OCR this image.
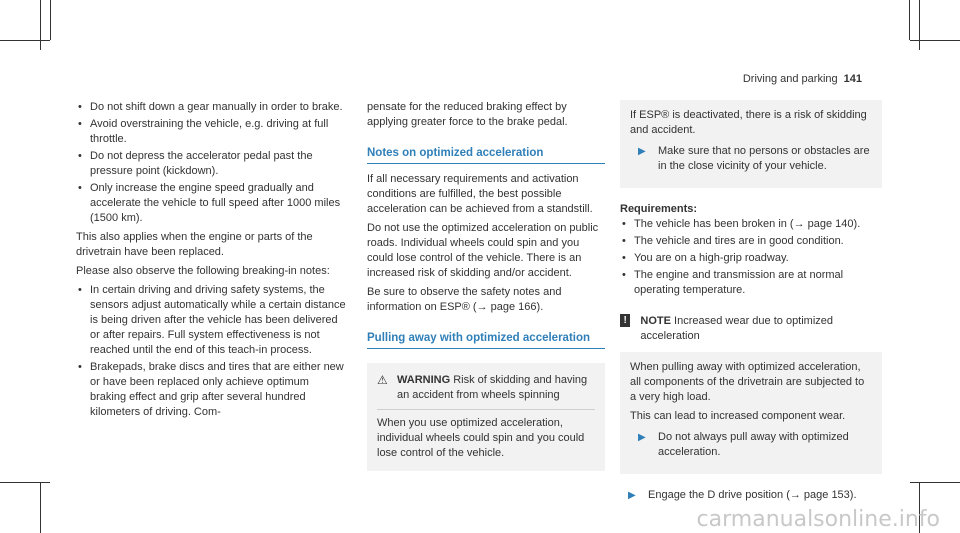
Driving and parking 141
• Do not shift down a gear manually in order to brake.
• Avoid overstraining the vehicle, e.g. driving at full throttle.
• Do not depress the accelerator pedal past the pressure point (kickdown).
• Only increase the engine speed gradually and accelerate the vehicle to full speed after 1000 miles (1500 km).

This also applies when the engine or parts of the drivetrain have been replaced.

Please also observe the following breaking-in notes:

• In certain driving and driving safety systems, the sensors adjust automatically while a certain distance is being driven after the vehicle has been delivered or after repairs. Full system effectiveness is not reached until the end of this teach-in process.
• Brakepads, brake discs and tires that are either new or have been replaced only achieve optimum braking effect and grip after several hundred kilometers of driving. Com-

pensate for the reduced braking effect by applying greater force to the brake pedal.

Notes on optimized acceleration

If all necessary requirements and activation conditions are fulfilled, the best possible acceleration can be achieved from a standstill.

Do not use the optimized acceleration on public roads. Individual wheels could spin and you could lose control of the vehicle. There is an increased risk of skidding and/or accident.

Be sure to observe the safety notes and information on ESP® (→ page 166).

Pulling away with optimized acceleration
⚠ WARNING Risk of skidding and having an accident from wheels spinning
When you use optimized acceleration, individual wheels could spin and you could lose control of the vehicle.
If ESP® is deactivated, there is a risk of skidding and accident.
▶	Make sure that no persons or obstacles are in the close vicinity of your vehicle.
Requirements:
• The vehicle has been broken in (→ page 140).
• The vehicle and tires are in good condition.
• You are on a high-grip roadway.
• The engine and transmission are at normal operating temperature.
!	NOTE Increased wear due to optimized acceleration

When pulling away with optimized acceleration, all components of the drivetrain are subjected to a very high load.

This can lead to increased component wear.

▶	Do not always pull away with optimized acceleration.
▶	Engage the D drive position (→ page 153).
carmanualsonline.info
